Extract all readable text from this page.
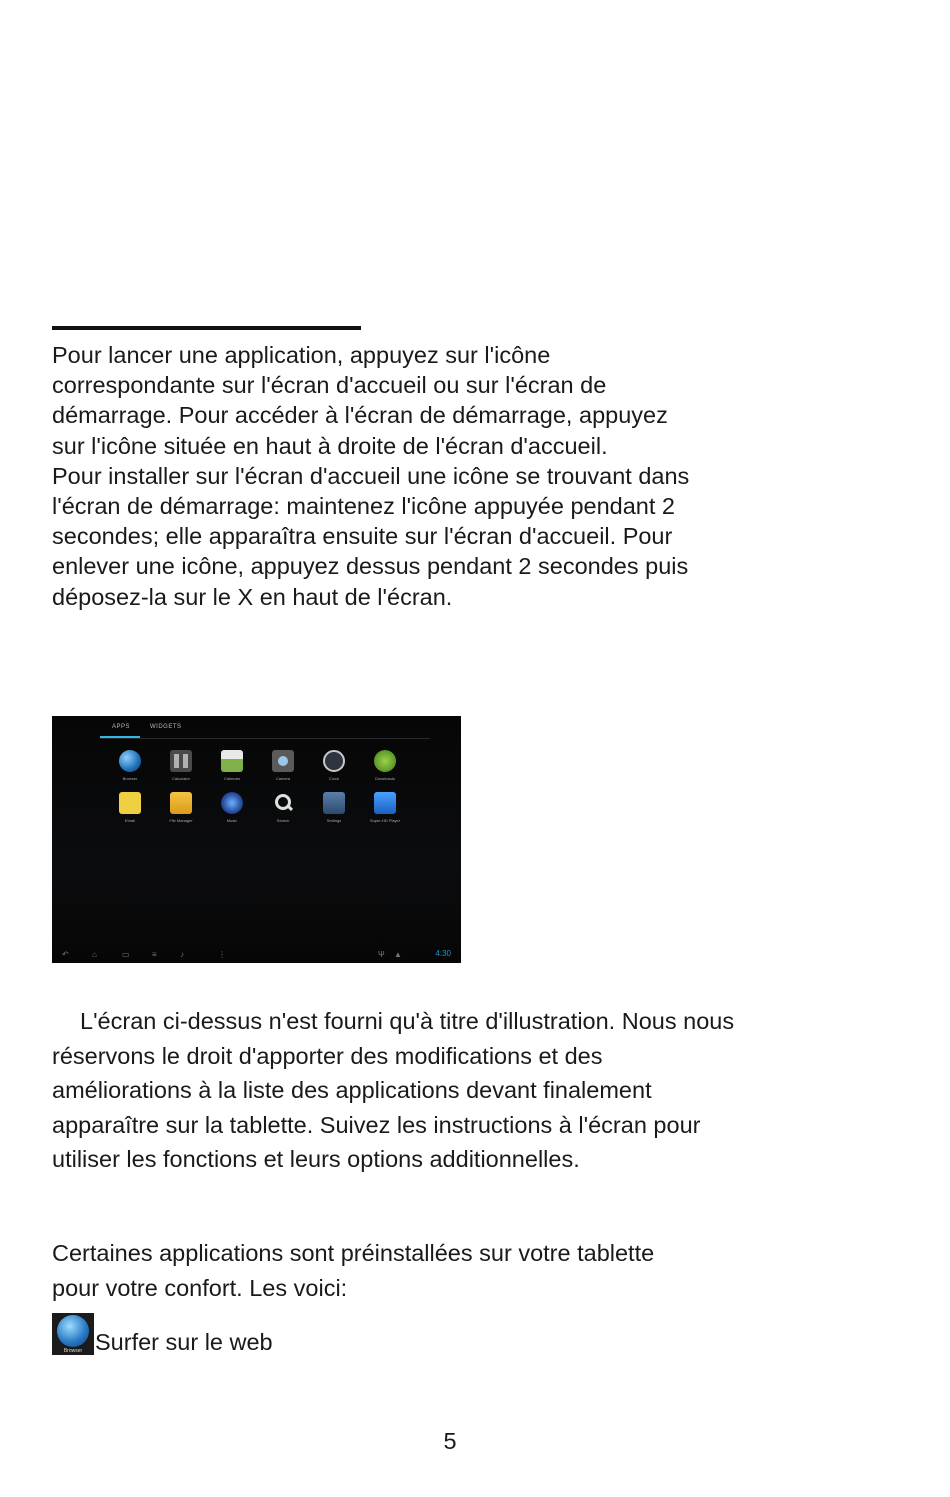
Pour lancer une application, appuyez sur l'icône
correspondante sur l'écran d'accueil ou sur l'écran de
démarrage. Pour accéder à l'écran de démarrage, appuyez
sur l'icône située en haut à droite de l'écran d'accueil.
Pour installer sur l'écran d'accueil une icône se trouvant dans
l'écran de démarrage: maintenez l'icône appuyée pendant 2
secondes; elle apparaîtra ensuite sur l'écran d'accueil. Pour
enlever une icône, appuyez dessus pendant 2 secondes puis
déposez-la sur le X en haut de l'écran.
APPS	WIDGETS
Browser	Calculator	Calendar	Camera	Clock	Downloads
Email	File Manager	Music	Search	Settings	Super-HD Player
↶	⌂	▭	≡	♪	⋮	Ψ ▲	4:30
L'écran ci-dessus n'est fourni qu'à titre d'illustration. Nous nous
réservons le droit d'apporter des modifications et des
améliorations à la liste des applications devant finalement
apparaître sur la tablette. Suivez les instructions à l'écran pour
utiliser les fonctions et leurs options additionnelles.
Certaines applications sont préinstallées sur votre tablette
pour votre confort. Les voici:
Browser Surfer sur le web
5
